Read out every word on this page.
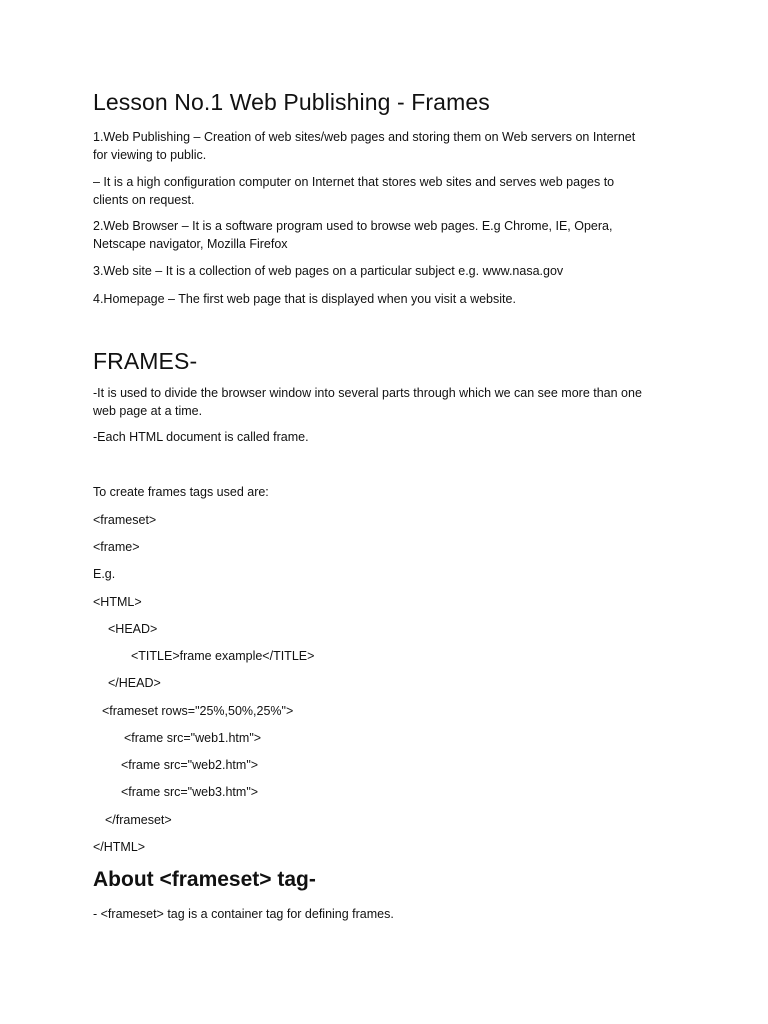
Lesson No.1 Web Publishing - Frames
1.Web Publishing – Creation of web sites/web pages and storing them on Web servers on Internet
for viewing to public.
– It is a high configuration computer on Internet that stores web sites and serves web pages to
clients on request.
2.Web Browser – It is a software program used to browse web pages. E.g Chrome, IE, Opera,
Netscape navigator, Mozilla Firefox
3.Web site – It is a collection of web pages on a particular subject e.g. www.nasa.gov
4.Homepage – The first web page that is displayed when you visit a website.
FRAMES-
-It is used to divide the browser window into several parts through which we can see more than one
web page at a time.
-Each HTML document is called frame.
To create frames tags used are:
<frameset>
<frame>
E.g.
<HTML>
<HEAD>
<TITLE>frame example</TITLE>
</HEAD>
<frameset rows="25%,50%,25%">
<frame src="web1.htm">
<frame src="web2.htm">
<frame src="web3.htm">
</frameset>
</HTML>
About <frameset> tag-
- <frameset> tag is a container tag for defining frames.
